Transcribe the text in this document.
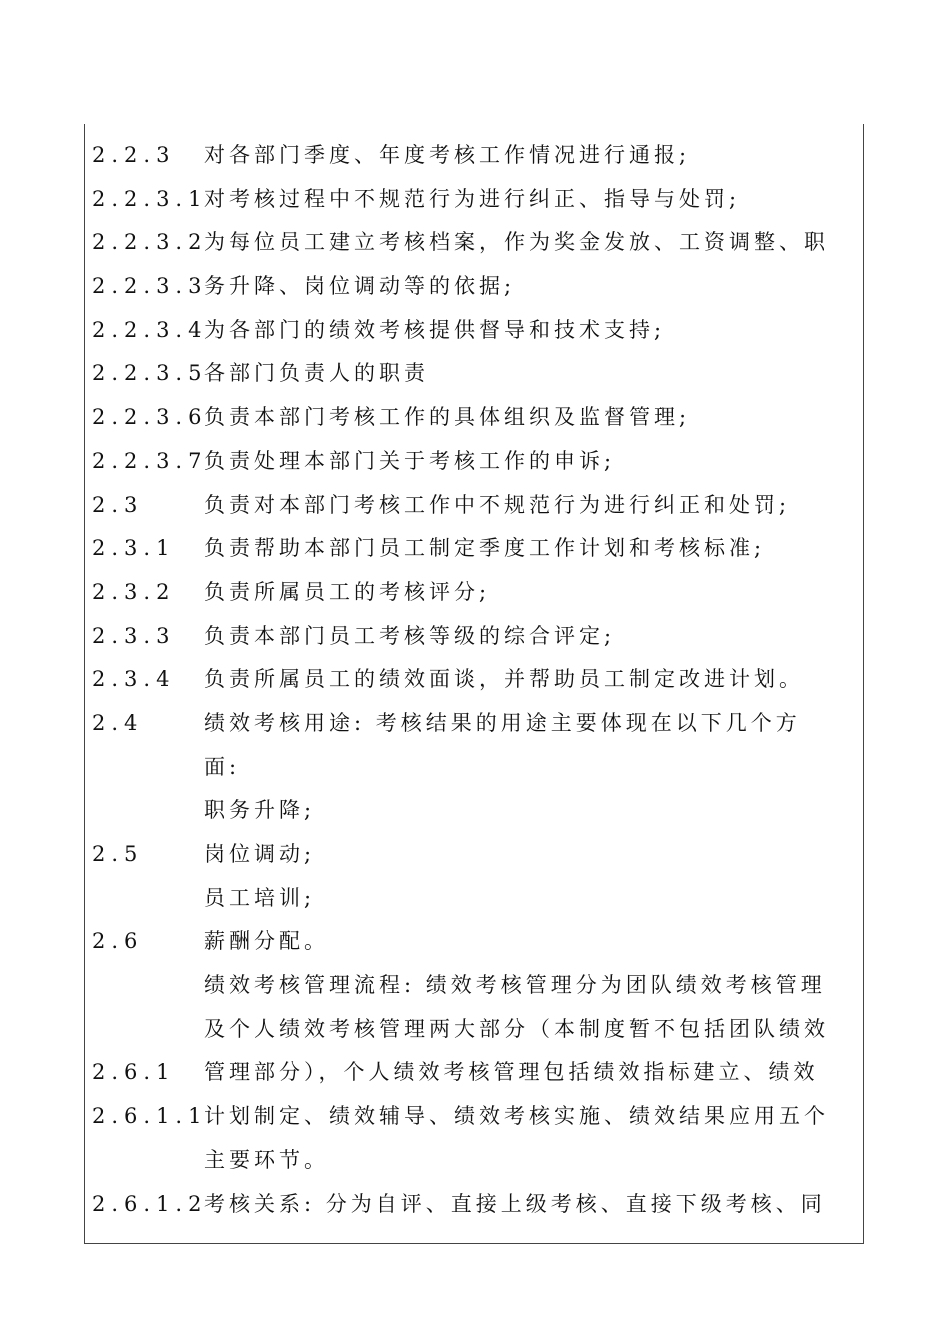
2.2.3
2.2.3.1
2.2.3.2
2.2.3.3
2.2.3.4
2.2.3.5
2.2.3.6
2.2.3.7
2.3
2.3.1
2.3.2
2.3.3
2.3.4
2.4
2.5
2.6
2.6.1
2.6.1.1
2.6.1.2
对各部门季度、年度考核工作情况进行通报;
对考核过程中不规范行为进行纠正、指导与处罚;
为每位员工建立考核档案，作为奖金发放、工资调整、职
务升降、岗位调动等的依据;
为各部门的绩效考核提供督导和技术支持;
各部门负责人的职责
负责本部门考核工作的具体组织及监督管理;
负责处理本部门关于考核工作的申诉;
负责对本部门考核工作中不规范行为进行纠正和处罚;
负责帮助本部门员工制定季度工作计划和考核标准;
负责所属员工的考核评分;
负责本部门员工考核等级的综合评定;
负责所属员工的绩效面谈，并帮助员工制定改进计划。
绩效考核用途: 考核结果的用途主要体现在以下几个方
面:
职务升降;
岗位调动;
员工培训;
薪酬分配。
绩效考核管理流程: 绩效考核管理分为团队绩效考核管理
及个人绩效考核管理两大部分（本制度暂不包括团队绩效
管理部分），个人绩效考核管理包括绩效指标建立、绩效
计划制定、绩效辅导、绩效考核实施、绩效结果应用五个
主要环节。
考核关系: 分为自评、直接上级考核、直接下级考核、同
